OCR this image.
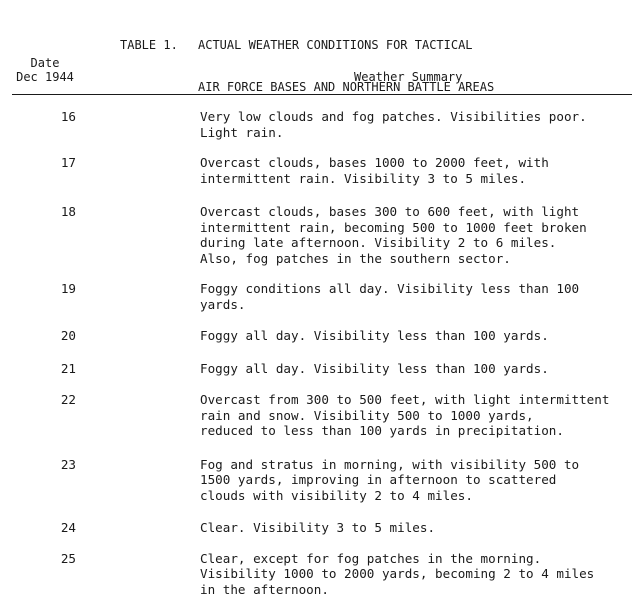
TABLE 1. ACTUAL WEATHER CONDITIONS FOR TACTICAL

AIR FORCE BASES AND NORTHERN BATTLE AREAS

Date
Dec 1944	Weather Summary
16	Very low clouds and fog patches. Visibilities poor.
Light rain.
17	Overcast clouds, bases 1000 to 2000 feet, with
intermittent rain. Visibility 3 to 5 miles.
18	Overcast clouds, bases 300 to 600 feet, with light
intermittent rain, becoming 500 to 1000 feet broken
during late afternoon. Visibility 2 to 6 miles.
Also, fog patches in the southern sector.
19	Foggy conditions all day. Visibility less than 100
yards.
20	Foggy all day. Visibility less than 100 yards.
21	Foggy all day. Visibility less than 100 yards.
22	Overcast from 300 to 500 feet, with light intermittent
rain and snow. Visibility 500 to 1000 yards,
reduced to less than 100 yards in precipitation.
23	Fog and stratus in morning, with visibility 500 to
1500 yards, improving in afternoon to scattered
clouds with visibility 2 to 4 miles.
24	Clear. Visibility 3 to 5 miles.
25	Clear, except for fog patches in the morning.
Visibility 1000 to 2000 yards, becoming 2 to 4 miles
in the afternoon.
